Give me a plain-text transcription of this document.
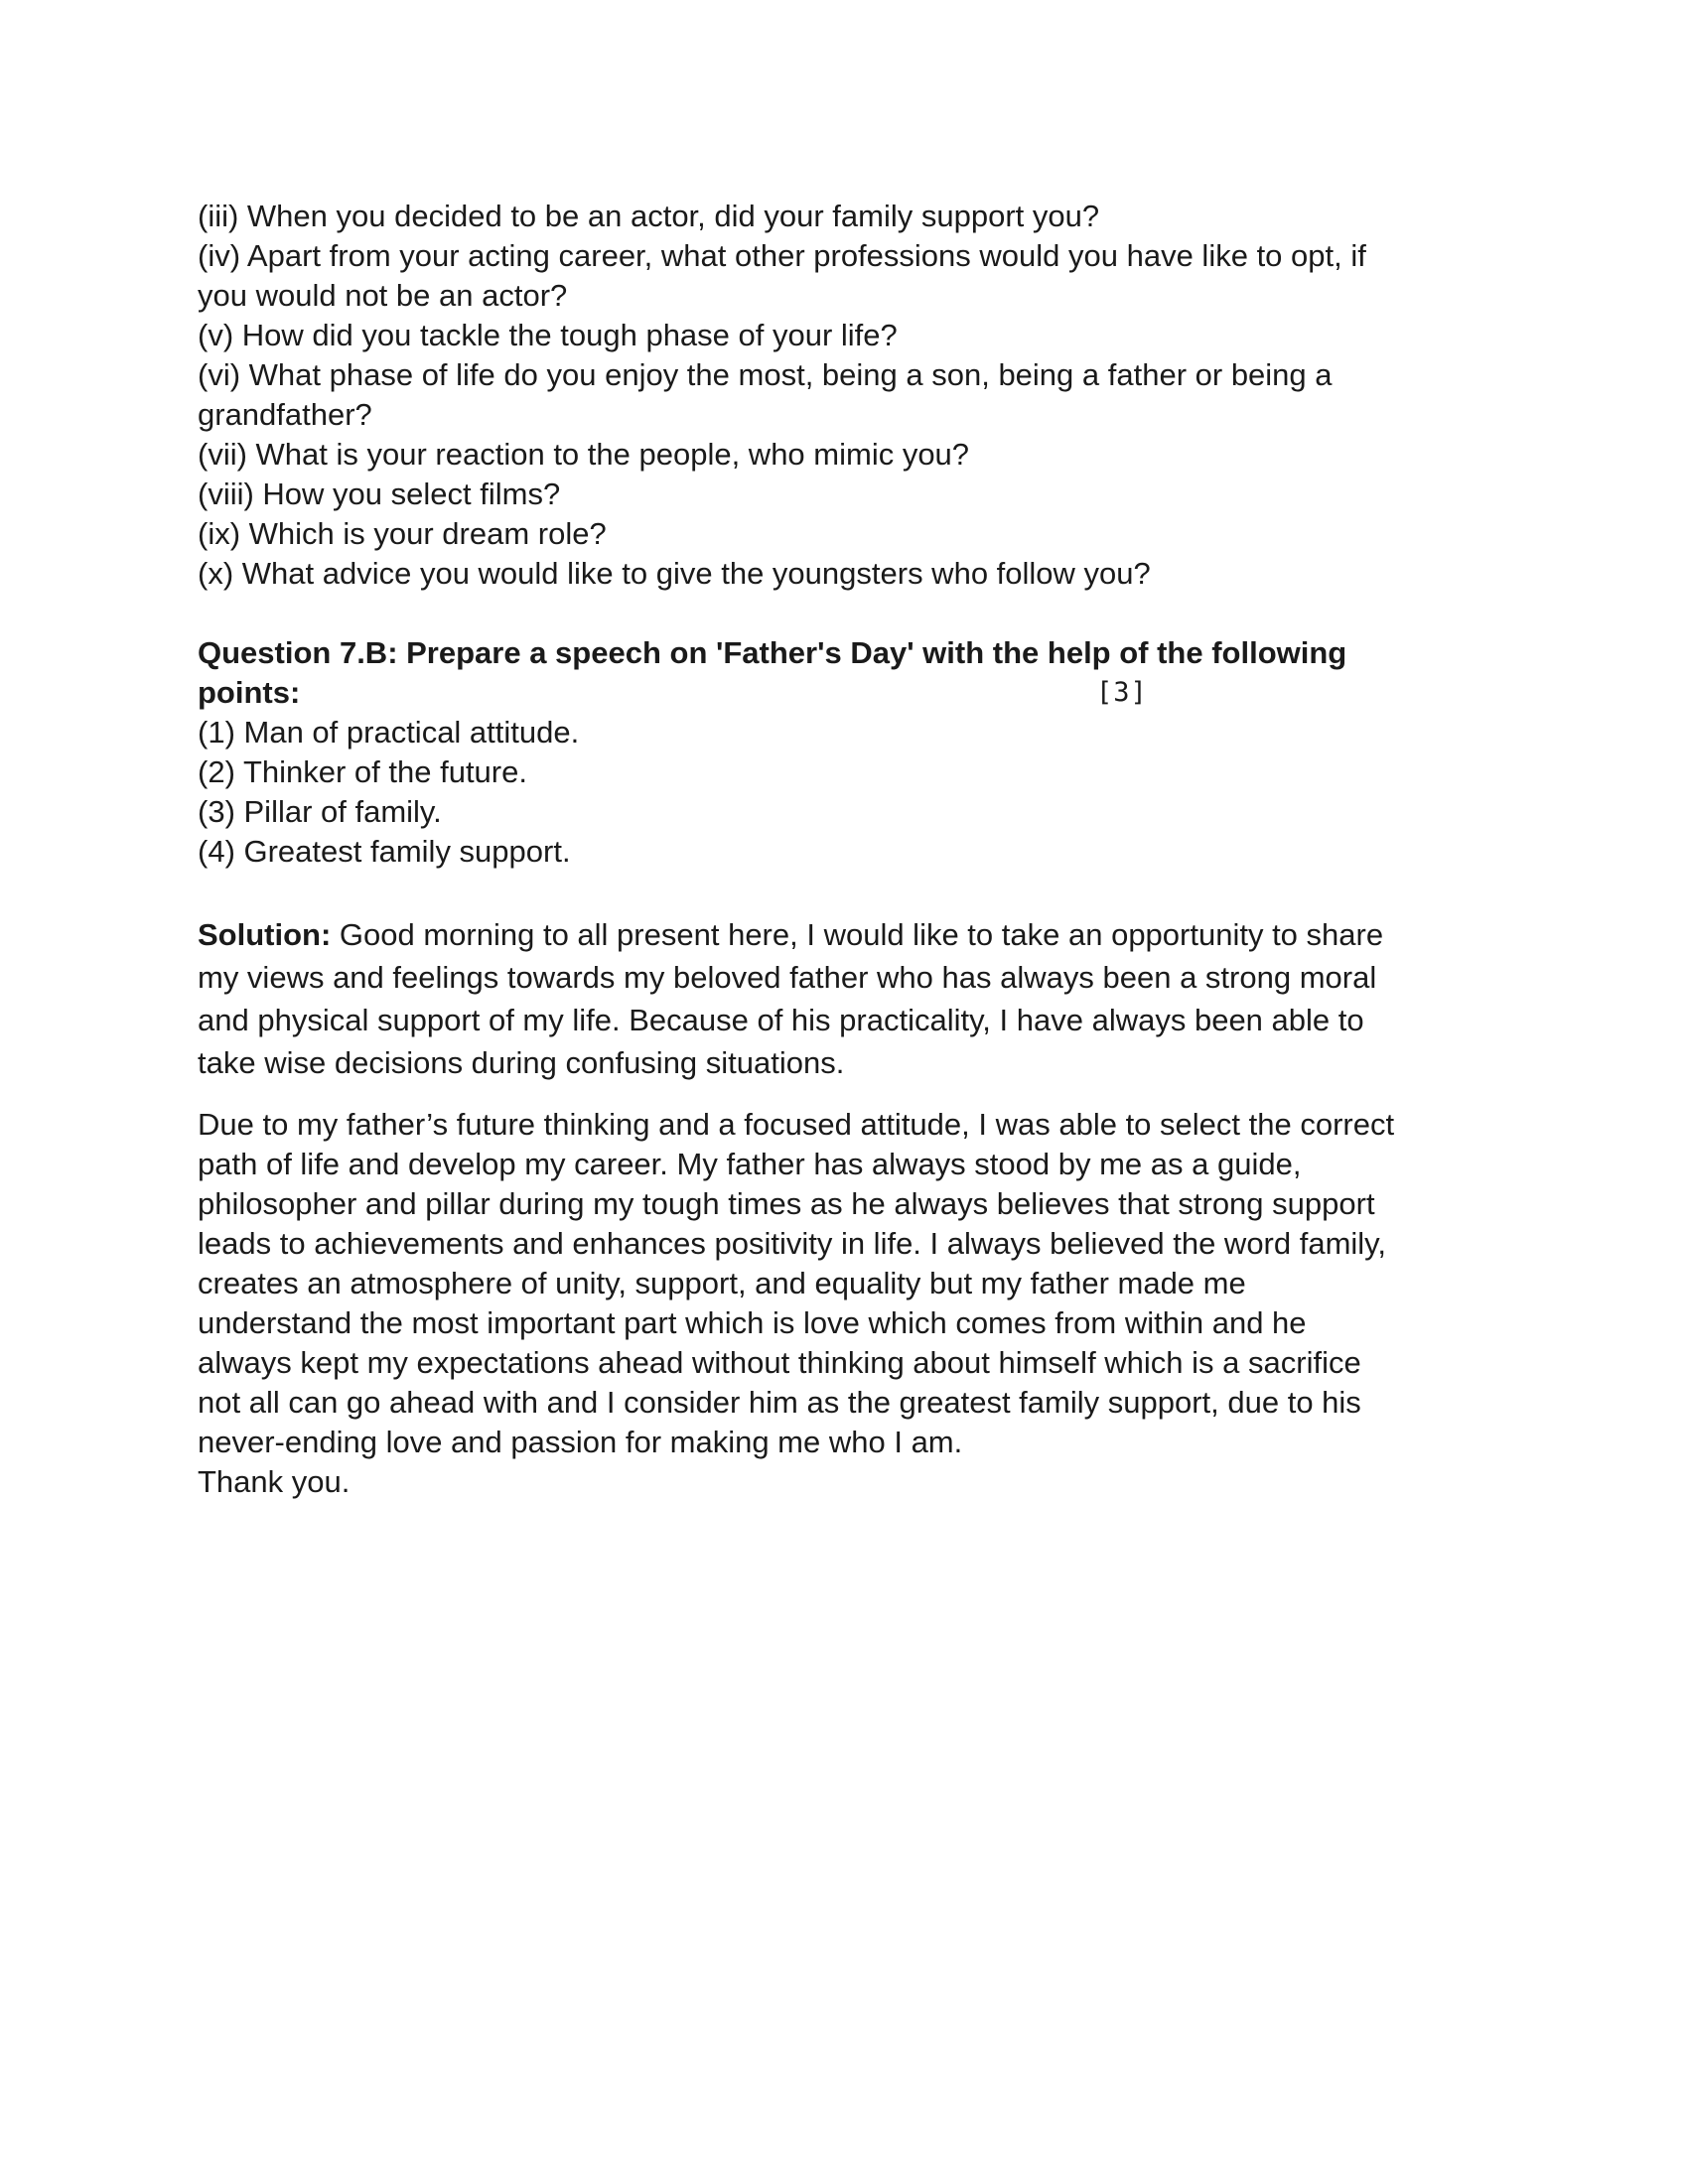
(iii) When you decided to be an actor, did your family support you?
(iv) Apart from your acting career, what other professions would you have like to opt, if
you would not be an actor?
(v) How did you tackle the tough phase of your life?
(vi) What phase of life do you enjoy the most, being a son, being a father or being a
grandfather?
(vii) What is your reaction to the people, who mimic you?
(viii) How you select films?
(ix) Which is your dream role?
(x) What advice you would like to give the youngsters who follow you?
Question 7.B: Prepare a speech on 'Father's Day' with the help of the following
points:	[3]
(1) Man of practical attitude.
(2) Thinker of the future.
(3) Pillar of family.
(4) Greatest family support.
Solution: Good morning to all present here, I would like to take an opportunity to share
my views and feelings towards my beloved father who has always been a strong moral
and physical support of my life. Because of his practicality, I have always been able to
take wise decisions during confusing situations.
Due to my father’s future thinking and a focused attitude, I was able to select the correct
path of life and develop my career. My father has always stood by me as a guide,
philosopher and pillar during my tough times as he always believes that strong support
leads to achievements and enhances positivity in life. I always believed the word family,
creates an atmosphere of unity, support, and equality but my father made me
understand the most important part which is love which comes from within and he
always kept my expectations ahead without thinking about himself which is a sacrifice
not all can go ahead with and I consider him as the greatest family support, due to his
never-ending love and passion for making me who I am.
Thank you.
